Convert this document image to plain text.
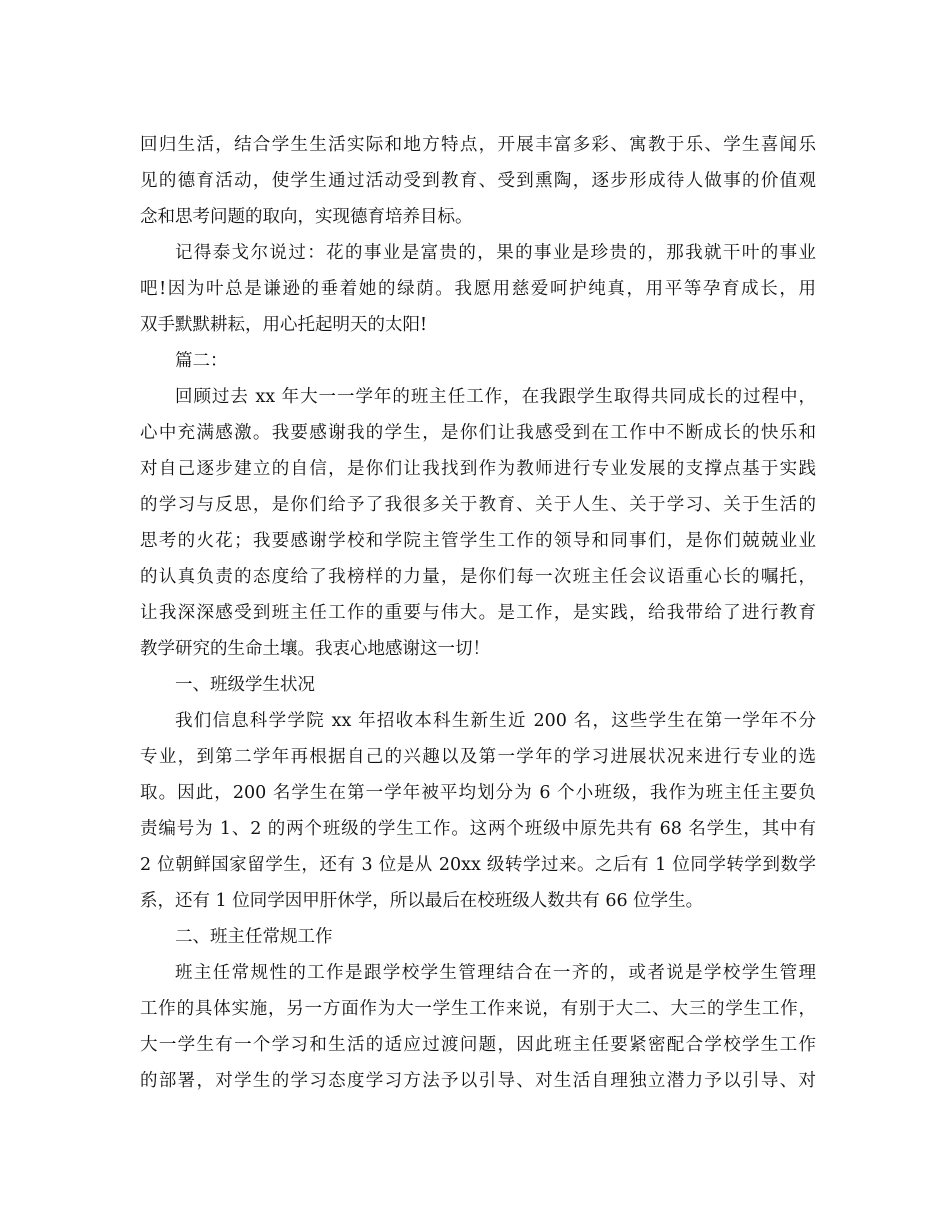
回归生活，结合学生生活实际和地方特点，开展丰富多彩、寓教于乐、学生喜闻乐
见的德育活动，使学生通过活动受到教育、受到熏陶，逐步形成待人做事的价值观
念和思考问题的取向，实现德育培养目标。
记得泰戈尔说过：花的事业是富贵的，果的事业是珍贵的，那我就干叶的事业
吧!因为叶总是谦逊的垂着她的绿荫。我愿用慈爱呵护纯真，用平等孕育成长，用
双手默默耕耘，用心托起明天的太阳!
篇二：
回顾过去 xx 年大一一学年的班主任工作，在我跟学生取得共同成长的过程中，
心中充满感激。我要感谢我的学生，是你们让我感受到在工作中不断成长的快乐和
对自己逐步建立的自信，是你们让我找到作为教师进行专业发展的支撑点基于实践
的学习与反思，是你们给予了我很多关于教育、关于人生、关于学习、关于生活的
思考的火花；我要感谢学校和学院主管学生工作的领导和同事们，是你们兢兢业业
的认真负责的态度给了我榜样的力量，是你们每一次班主任会议语重心长的嘱托，
让我深深感受到班主任工作的重要与伟大。是工作，是实践，给我带给了进行教育
教学研究的生命土壤。我衷心地感谢这一切！
一、班级学生状况
我们信息科学学院 xx 年招收本科生新生近 200 名，这些学生在第一学年不分
专业，到第二学年再根据自己的兴趣以及第一学年的学习进展状况来进行专业的选
取。因此，200 名学生在第一学年被平均划分为 6 个小班级，我作为班主任主要负
责编号为 1、2 的两个班级的学生工作。这两个班级中原先共有 68 名学生，其中有
2 位朝鲜国家留学生，还有 3 位是从 20xx 级转学过来。之后有 1 位同学转学到数学
系，还有 1 位同学因甲肝休学，所以最后在校班级人数共有 66 位学生。
二、班主任常规工作
班主任常规性的工作是跟学校学生管理结合在一齐的，或者说是学校学生管理
工作的具体实施，另一方面作为大一学生工作来说，有别于大二、大三的学生工作，
大一学生有一个学习和生活的适应过渡问题，因此班主任要紧密配合学校学生工作
的部署，对学生的学习态度学习方法予以引导、对生活自理独立潜力予以引导、对
